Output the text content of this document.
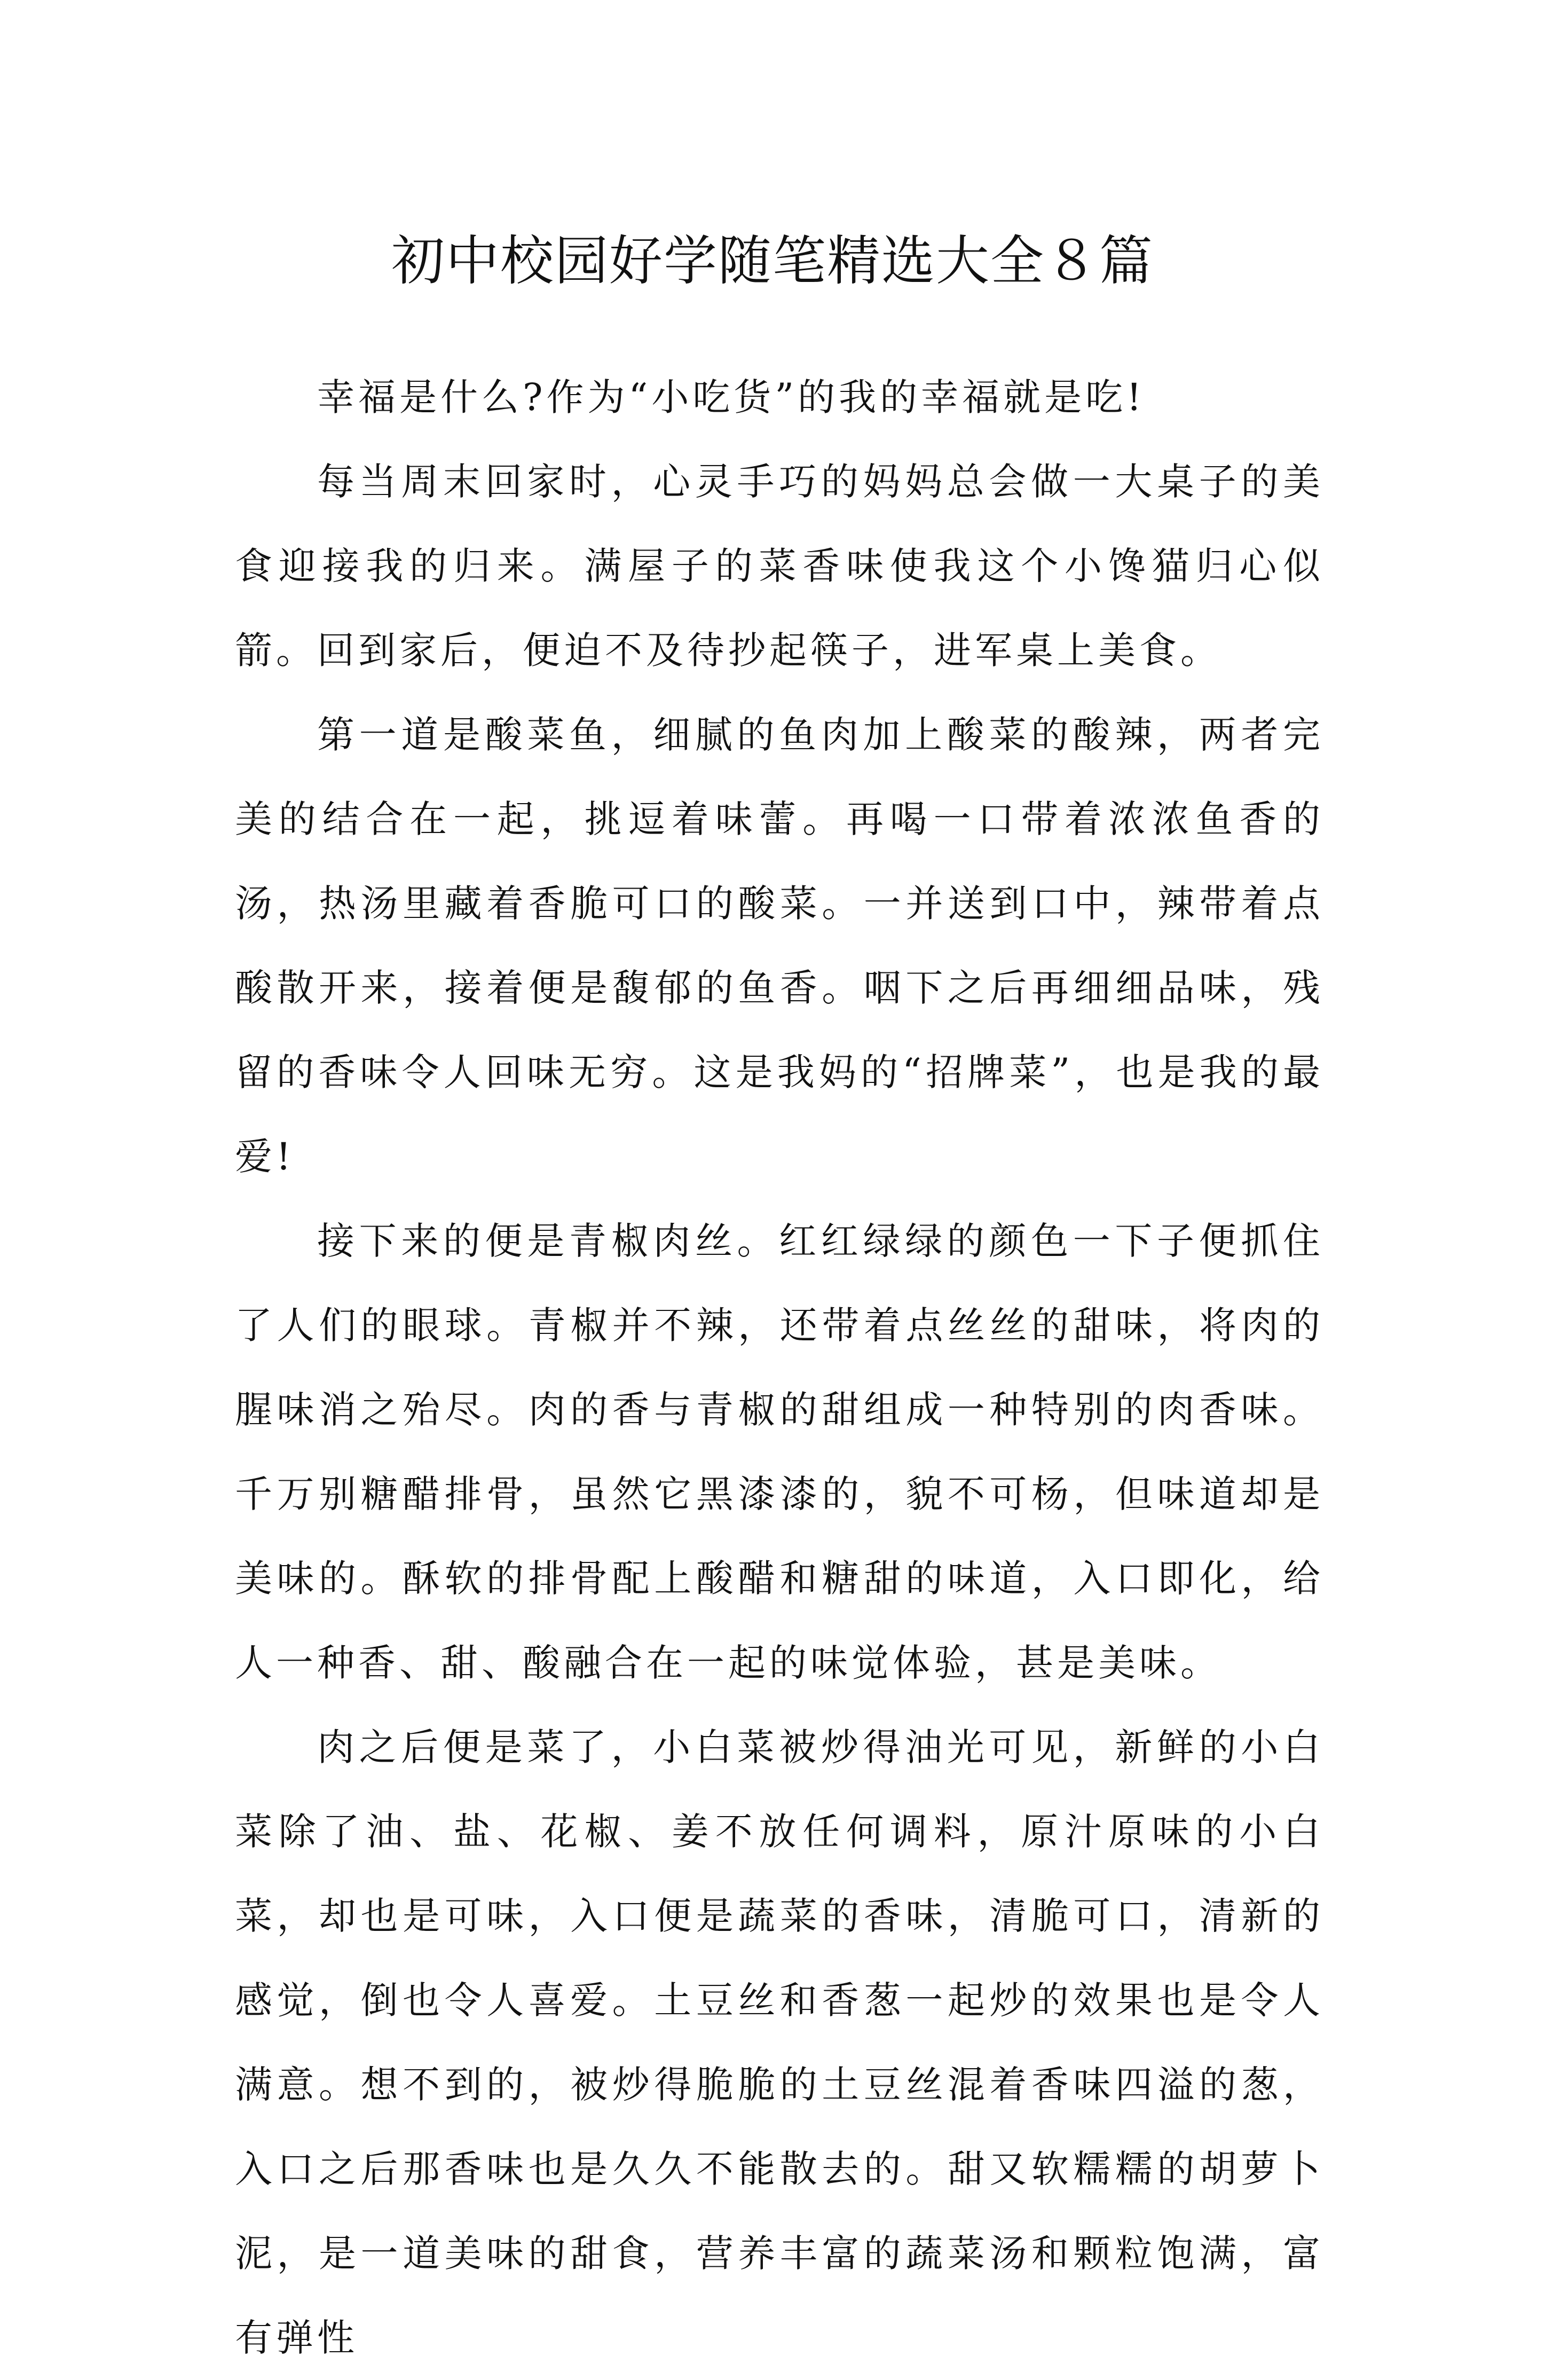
初中校园好学随笔精选大全８篇

幸福是什么?作为“小吃货”的我的幸福就是吃!

每当周末回家时，心灵手巧的妈妈总会做一大桌子的美食迎接我的归来。满屋子的菜香味使我这个小馋猫归心似箭。回到家后，便迫不及待抄起筷子，进军桌上美食。

第一道是酸菜鱼，细腻的鱼肉加上酸菜的酸辣，两者完美的结合在一起，挑逗着味蕾。再喝一口带着浓浓鱼香的汤，热汤里藏着香脆可口的酸菜。一并送到口中，辣带着点酸散开来，接着便是馥郁的鱼香。咽下之后再细细品味，残留的香味令人回味无穷。这是我妈的“招牌菜”，也是我的最爱!

接下来的便是青椒肉丝。红红绿绿的颜色一下子便抓住了人们的眼球。青椒并不辣，还带着点丝丝的甜味，将肉的腥味消之殆尽。肉的香与青椒的甜组成一种特别的肉香味。千万别糖醋排骨，虽然它黑漆漆的，貌不可杨，但味道却是美味的。酥软的排骨配上酸醋和糖甜的味道，入口即化，给人一种香、甜、酸融合在一起的味觉体验，甚是美味。

肉之后便是菜了，小白菜被炒得油光可见，新鲜的小白菜除了油、盐、花椒、姜不放任何调料，原汁原味的小白菜，却也是可味，入口便是蔬菜的香味，清脆可口，清新的感觉，倒也令人喜爱。土豆丝和香葱一起炒的效果也是令人满意。想不到的，被炒得脆脆的土豆丝混着香味四溢的葱，入口之后那香味也是久久不能散去的。甜又软糯糯的胡萝卜泥，是一道美味的甜食，营养丰富的蔬菜汤和颗粒饱满，富有弹性
